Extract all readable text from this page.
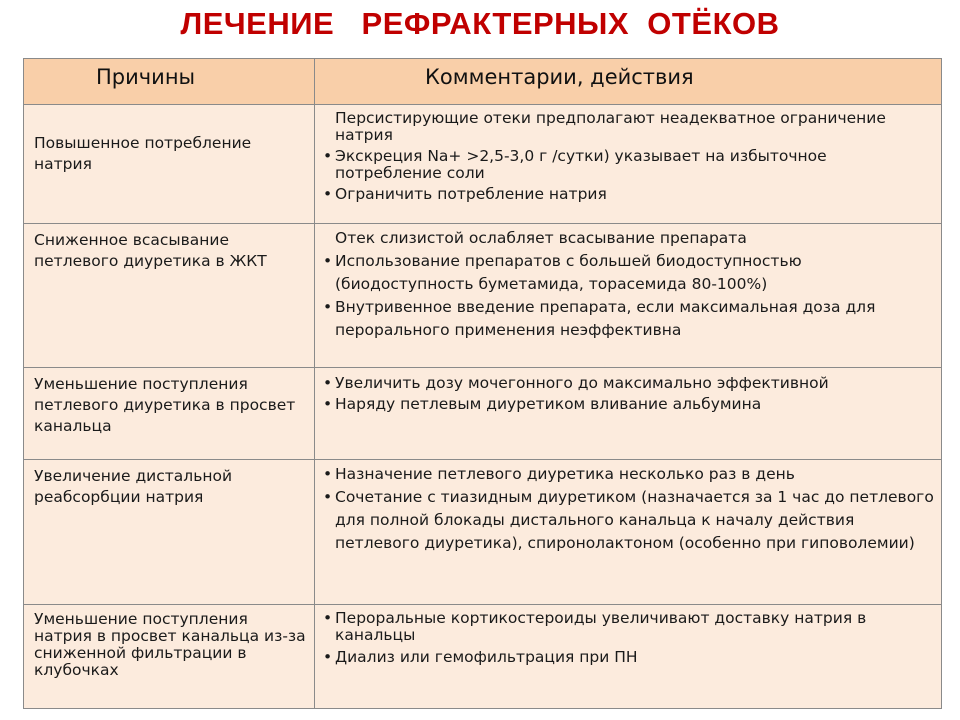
ЛЕЧЕНИЕ   РЕФРАКТЕРНЫХ  ОТЁКОВ
Причины	Комментарии, действия
Повышенное потребление натрия	Персистирующие отеки предполагают неадекватное ограничение натрия
• Экскреция Na+ >2,5-3,0 г /сутки) указывает на избыточное потребление соли
• Ограничить потребление натрия

Сниженное всасывание петлевого диуретика в ЖКТ	Отек слизистой ослабляет всасывание препарата
• Использование препаратов с большей биодоступностью (биодоступность буметамида, торасемида 80-100%)
• Внутривенное введение препарата, если максимальная доза для перорального применения неэффективна

Уменьшение поступления петлевого диуретика в просвет канальца	• Увеличить дозу мочегонного до максимально эффективной
• Наряду петлевым диуретиком вливание альбумина

Увеличение дистальной реабсорбции натрия	• Назначение петлевого диуретика несколько раз в день
• Сочетание с тиазидным диуретиком (назначается за 1 час до петлевого для полной блокады дистального канальца к началу действия петлевого диуретика), спиронолактоном (особенно при гиповолемии)

Уменьшение поступления натрия в просвет канальца из-за сниженной фильтрации в клубочках	• Пероральные кортикостероиды увеличивают доставку натрия в канальцы
• Диализ или гемофильтрация при ПН
